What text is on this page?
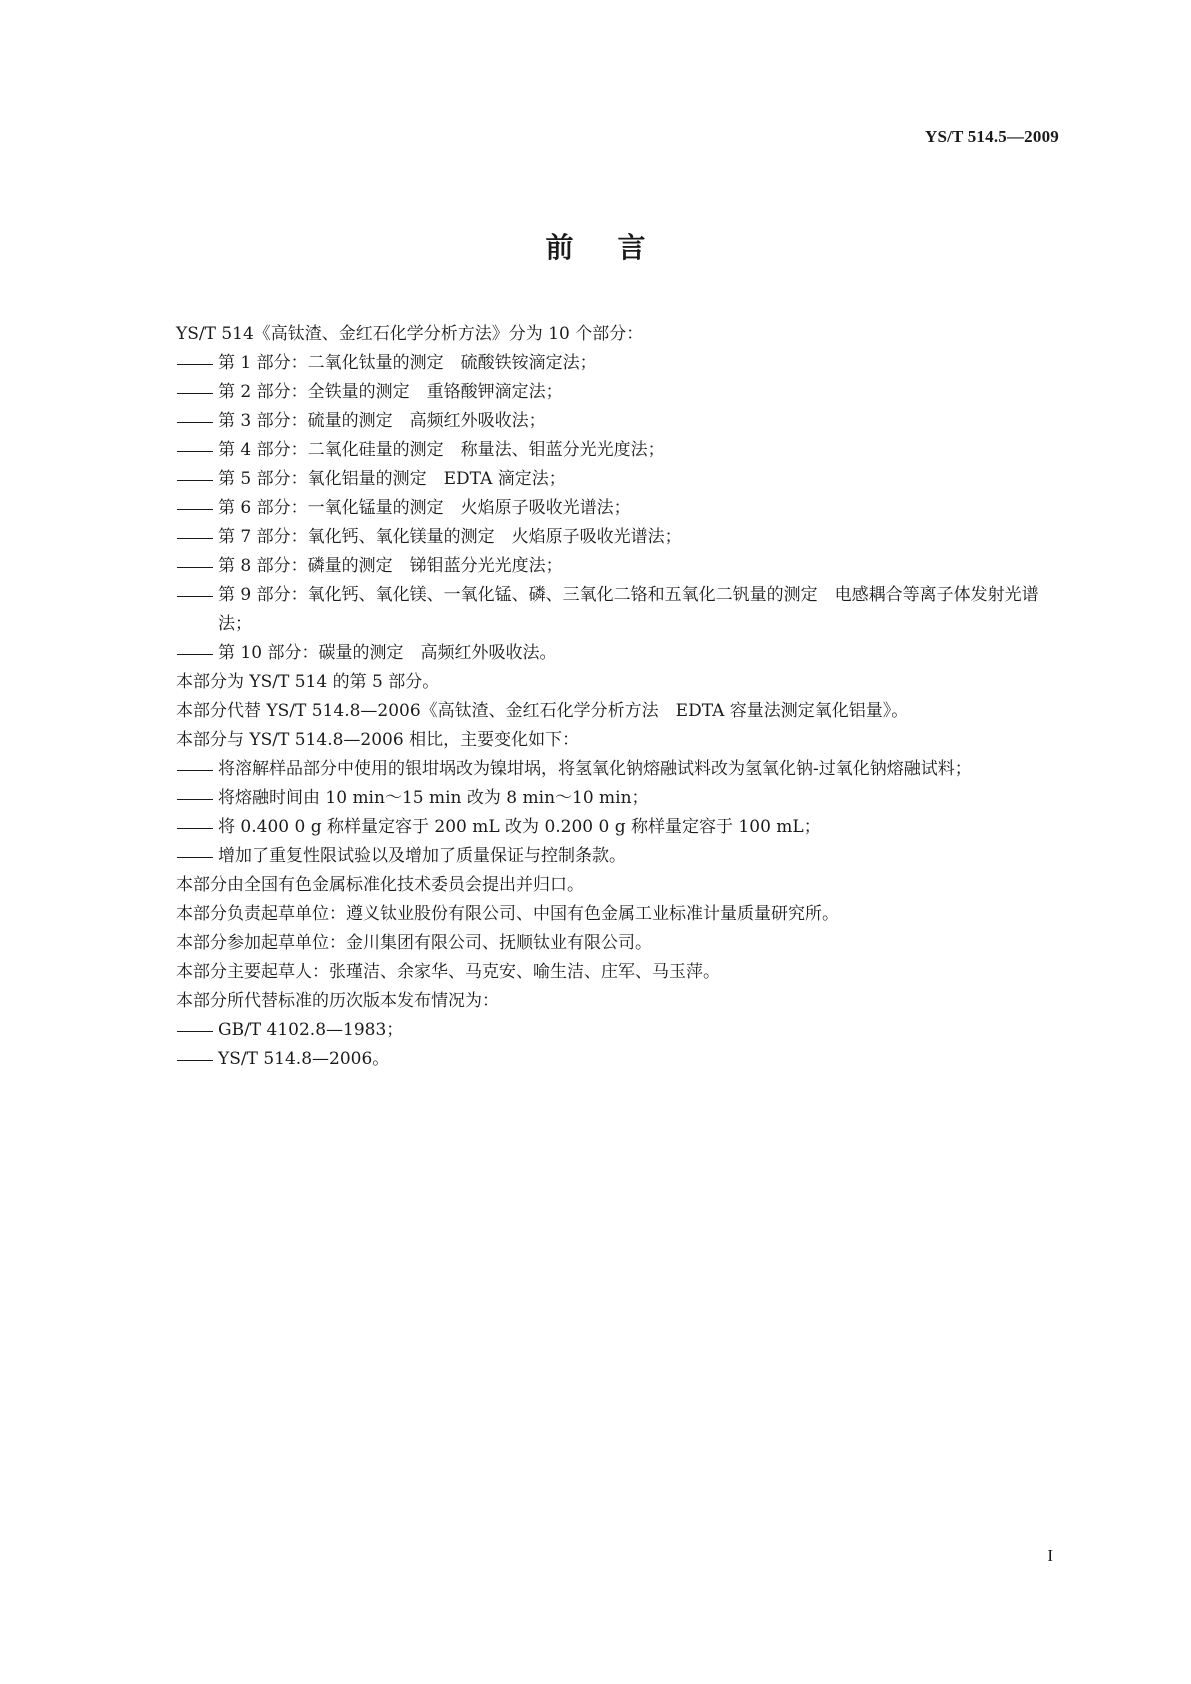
YS/T 514.5—2009
前言

YS/T 514《高钛渣、金红石化学分析方法》分为 10 个部分：

第 1 部分：二氧化钛量的测定　硫酸铁铵滴定法；
第 2 部分：全铁量的测定　重铬酸钾滴定法；
第 3 部分：硫量的测定　高频红外吸收法；
第 4 部分：二氧化硅量的测定　称量法、钼蓝分光光度法；
第 5 部分：氧化铝量的测定　EDTA 滴定法；
第 6 部分：一氧化锰量的测定　火焰原子吸收光谱法；
第 7 部分：氧化钙、氧化镁量的测定　火焰原子吸收光谱法；
第 8 部分：磷量的测定　锑钼蓝分光光度法；
第 9 部分：氧化钙、氧化镁、一氧化锰、磷、三氧化二铬和五氧化二钒量的测定　电感耦合等离子体发射光谱法；
第 10 部分：碳量的测定　高频红外吸收法。

本部分为 YS/T 514 的第 5 部分。

本部分代替 YS/T 514.8—2006《高钛渣、金红石化学分析方法　EDTA 容量法测定氧化铝量》。

本部分与 YS/T 514.8—2006 相比，主要变化如下：

将溶解样品部分中使用的银坩埚改为镍坩埚，将氢氧化钠熔融试料改为氢氧化钠-过氧化钠熔融试料；
将熔融时间由 10 min～15 min 改为 8 min～10 min；
将 0.400 0 g 称样量定容于 200 mL 改为 0.200 0 g 称样量定容于 100 mL；
增加了重复性限试验以及增加了质量保证与控制条款。

本部分由全国有色金属标准化技术委员会提出并归口。

本部分负责起草单位：遵义钛业股份有限公司、中国有色金属工业标准计量质量研究所。

本部分参加起草单位：金川集团有限公司、抚顺钛业有限公司。

本部分主要起草人：张瑾洁、余家华、马克安、喻生洁、庄军、马玉萍。

本部分所代替标准的历次版本发布情况为：

GB/T 4102.8—1983；
YS/T 514.8—2006。
I
